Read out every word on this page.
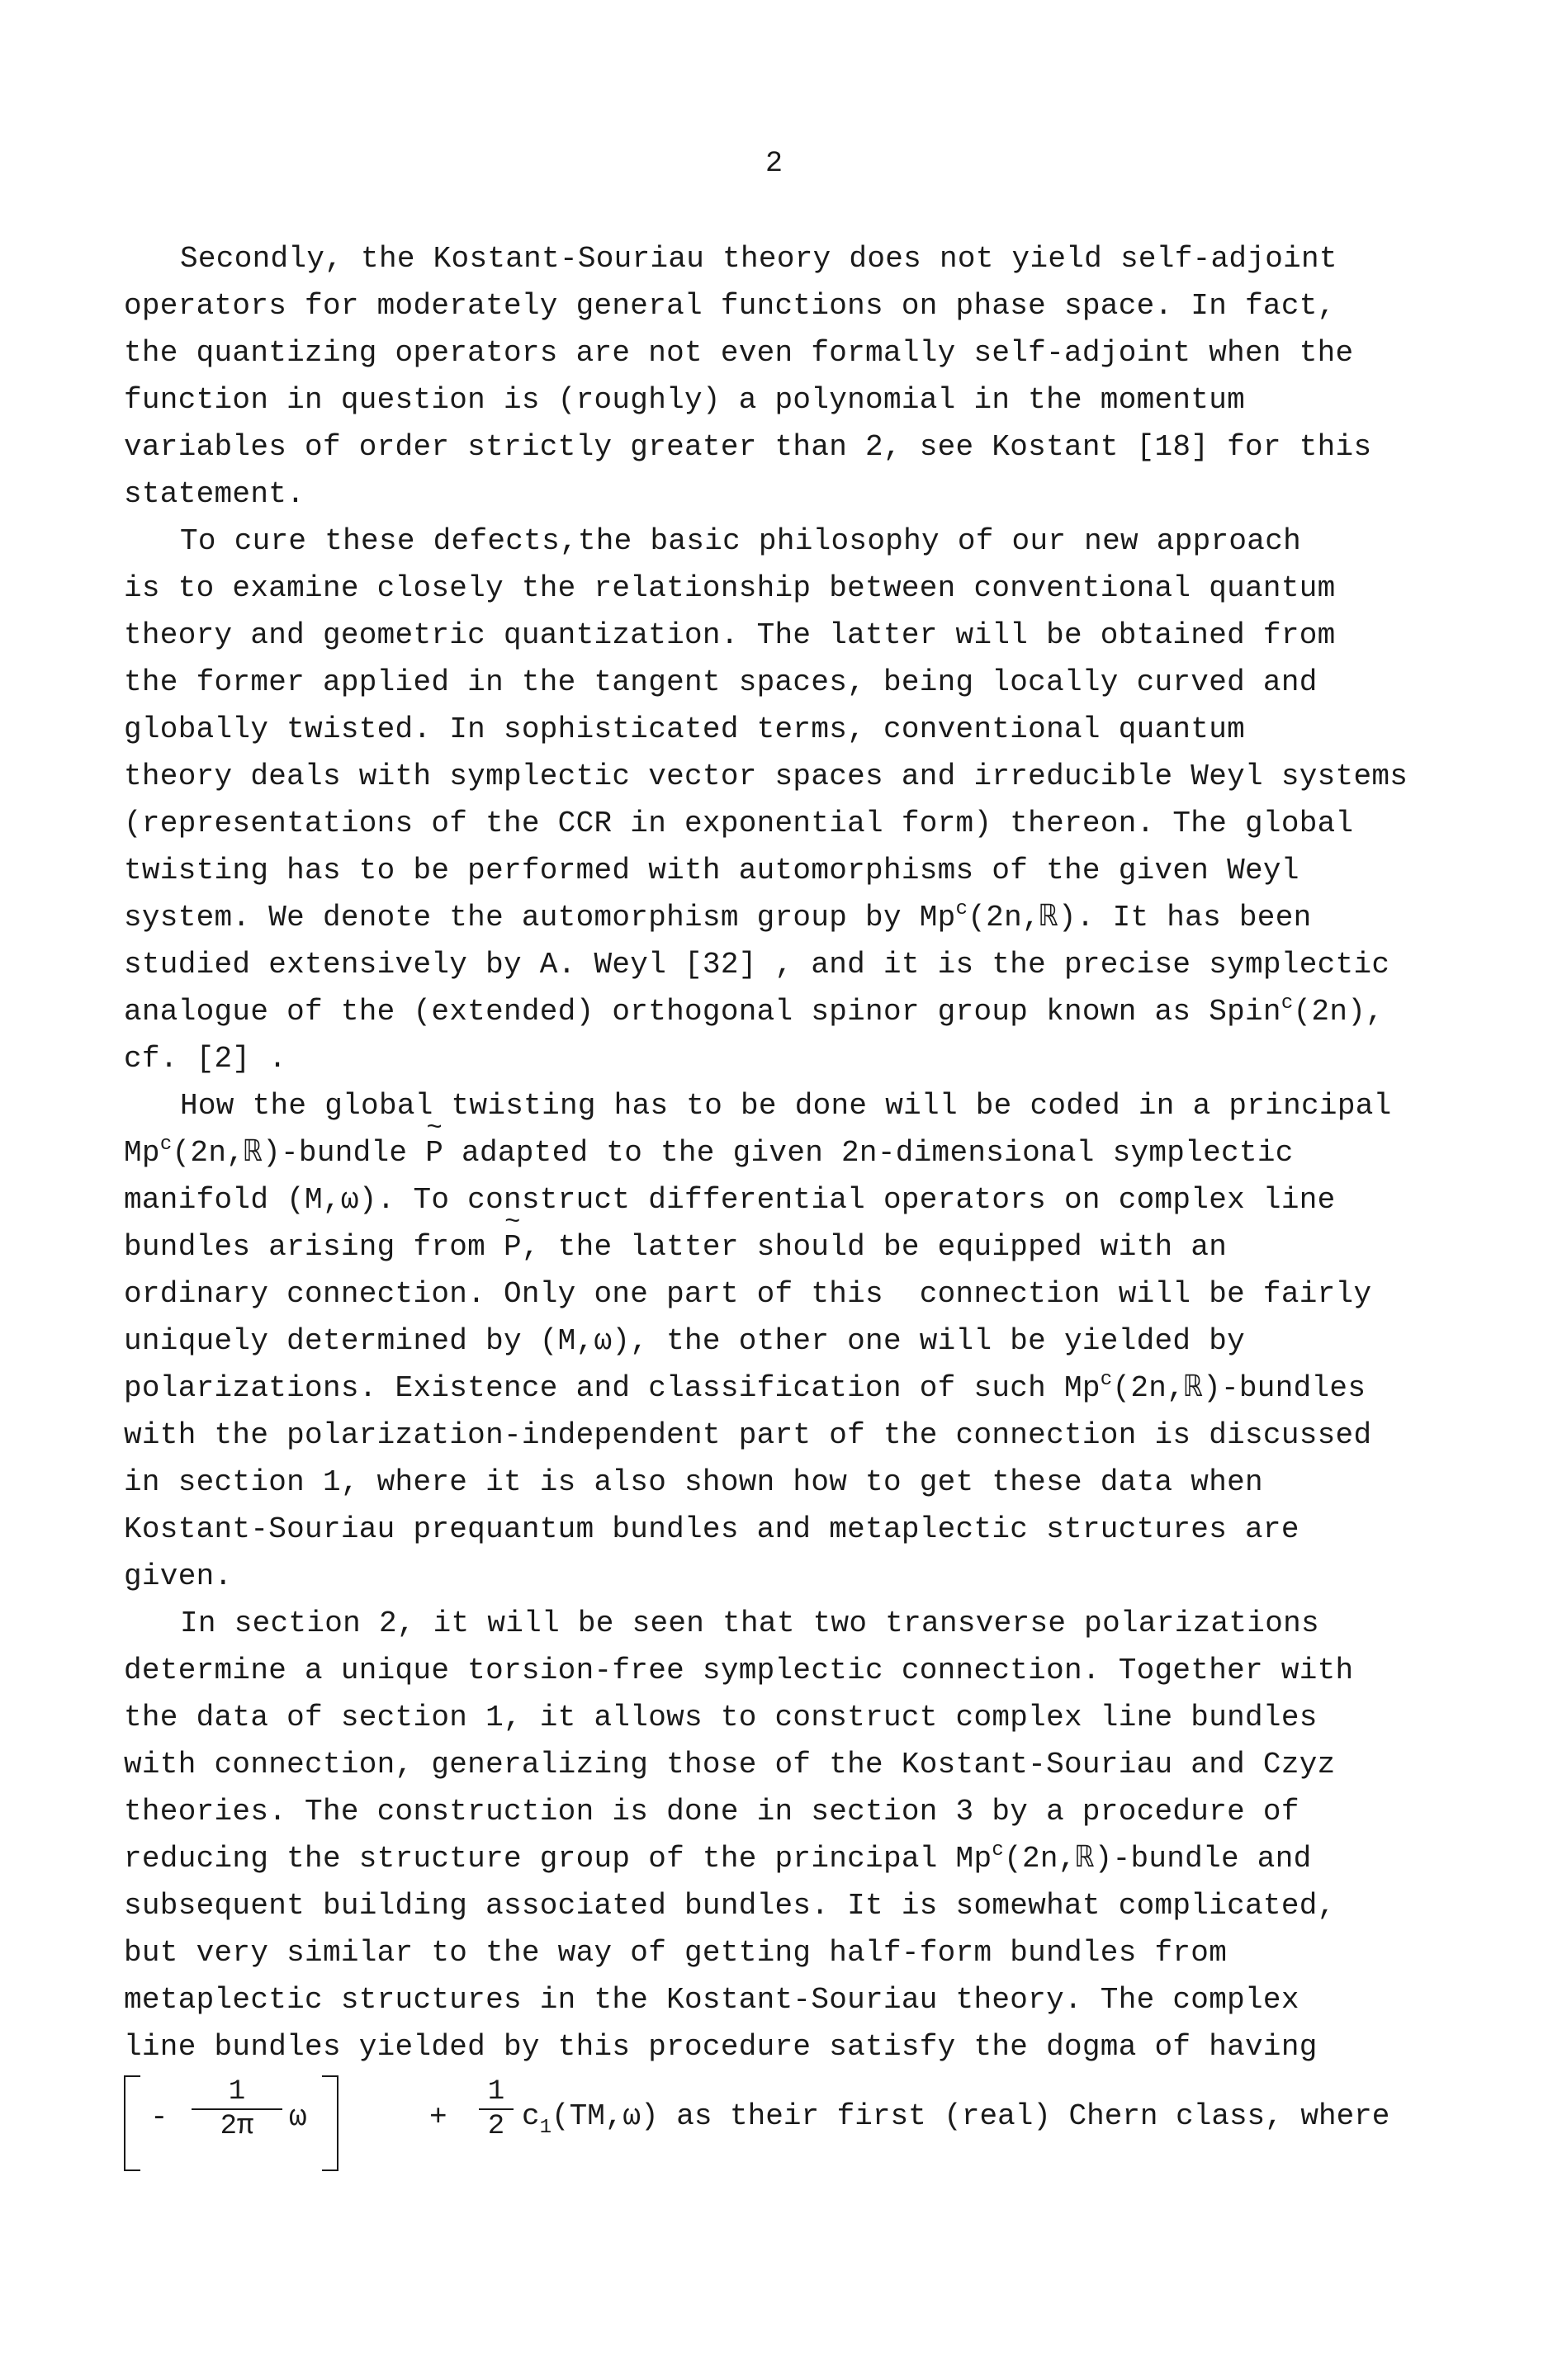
2
Secondly, the Kostant-Souriau theory does not yield self-adjoint
operators for moderately general functions on phase space. In fact,
the quantizing operators are not even formally self-adjoint when the
function in question is (roughly) a polynomial in the momentum
variables of order strictly greater than 2, see Kostant [18] for this
statement.
To cure these defects,the basic philosophy of our new approach
is to examine closely the relationship between conventional quantum
theory and geometric quantization. The latter will be obtained from
the former applied in the tangent spaces, being locally curved and
globally twisted. In sophisticated terms, conventional quantum
theory deals with symplectic vector spaces and irreducible Weyl systems
(representations of the CCR in exponential form) thereon. The global
twisting has to be performed with automorphisms of the given Weyl
system. We denote the automorphism group by Mp$^c$(2n,ℝ). It has been
studied extensively by A. Weyl [32] , and it is the precise symplectic
analogue of the (extended) orthogonal spinor group known as Spin$^c$(2n),
cf. [2] .
How the global twisting has to be done will be coded in a principal
Mp$^c$(2n,ℝ)-bundle ~ P adapted to the given 2n-dimensional symplectic
manifold (M,ω). To construct differential operators on complex line
bundles arising from ~ P, the latter should be equipped with an
ordinary connection. Only one part of this  connection will be fairly
uniquely determined by (M,ω), the other one will be yielded by
polarizations. Existence and classification of such Mp$^c$(2n,ℝ)-bundles
with the polarization-independent part of the connection is discussed
in section 1, where it is also shown how to get these data when
Kostant-Souriau prequantum bundles and metaplectic structures are
given.
In section 2, it will be seen that two transverse polarizations
determine a unique torsion-free symplectic connection. Together with
the data of section 1, it allows to construct complex line bundles
with connection, generalizing those of the Kostant-Souriau and Czyz
theories. The construction is done in section 3 by a procedure of
reducing the structure group of the principal Mp$^c$(2n,ℝ)-bundle and
subsequent building associated bundles. It is somewhat complicated,
but very similar to the way of getting half-form bundles from
metaplectic structures in the Kostant-Souriau theory. The complex
line bundles yielded by this procedure satisfy the dogma of having
- $\frac{1}{2\pi}$ ω	+ $\frac{1}{2} c_1(TM,\omega)$ as their first (real) Chern class, where
